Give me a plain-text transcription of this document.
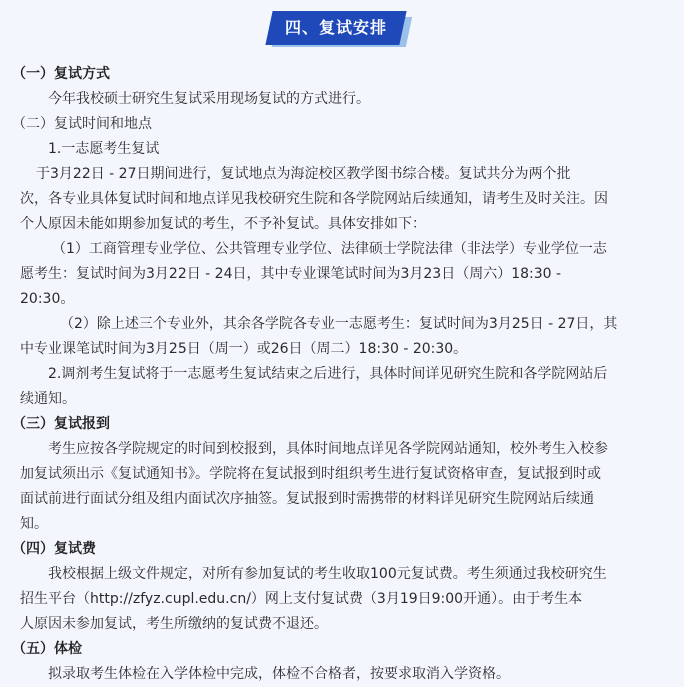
四、复试安排
（一）复试方式
今年我校硕士研究生复试采用现场复试的方式进行。
（二）复试时间和地点
1.一志愿考生复试
于3月22日 - 27日期间进行，复试地点为海淀校区教学图书综合楼。复试共分为两个批
次，各专业具体复试时间和地点详见我校研究生院和各学院网站后续通知，请考生及时关注。因
个人原因未能如期参加复试的考生，不予补复试。具体安排如下：
（1）工商管理专业学位、公共管理专业学位、法律硕士学院法律（非法学）专业学位一志
愿考生：复试时间为3月22日 - 24日，其中专业课笔试时间为3月23日（周六）18:30 -
20:30。
（2）除上述三个专业外，其余各学院各专业一志愿考生：复试时间为3月25日 - 27日，其
中专业课笔试时间为3月25日（周一）或26日（周二）18:30 - 20:30。
2.调剂考生复试将于一志愿考生复试结束之后进行，具体时间详见研究生院和各学院网站后
续通知。
（三）复试报到
考生应按各学院规定的时间到校报到，具体时间地点详见各学院网站通知，校外考生入校参
加复试须出示《复试通知书》。学院将在复试报到时组织考生进行复试资格审查，复试报到时或
面试前进行面试分组及组内面试次序抽签。复试报到时需携带的材料详见研究生院网站后续通
知。
（四）复试费
我校根据上级文件规定，对所有参加复试的考生收取100元复试费。考生须通过我校研究生
招生平台（http://zfyz.cupl.edu.cn/）网上支付复试费（3月19日9:00开通）。由于考生本
人原因未参加复试，考生所缴纳的复试费不退还。
（五）体检
拟录取考生体检在入学体检中完成，体检不合格者，按要求取消入学资格。
